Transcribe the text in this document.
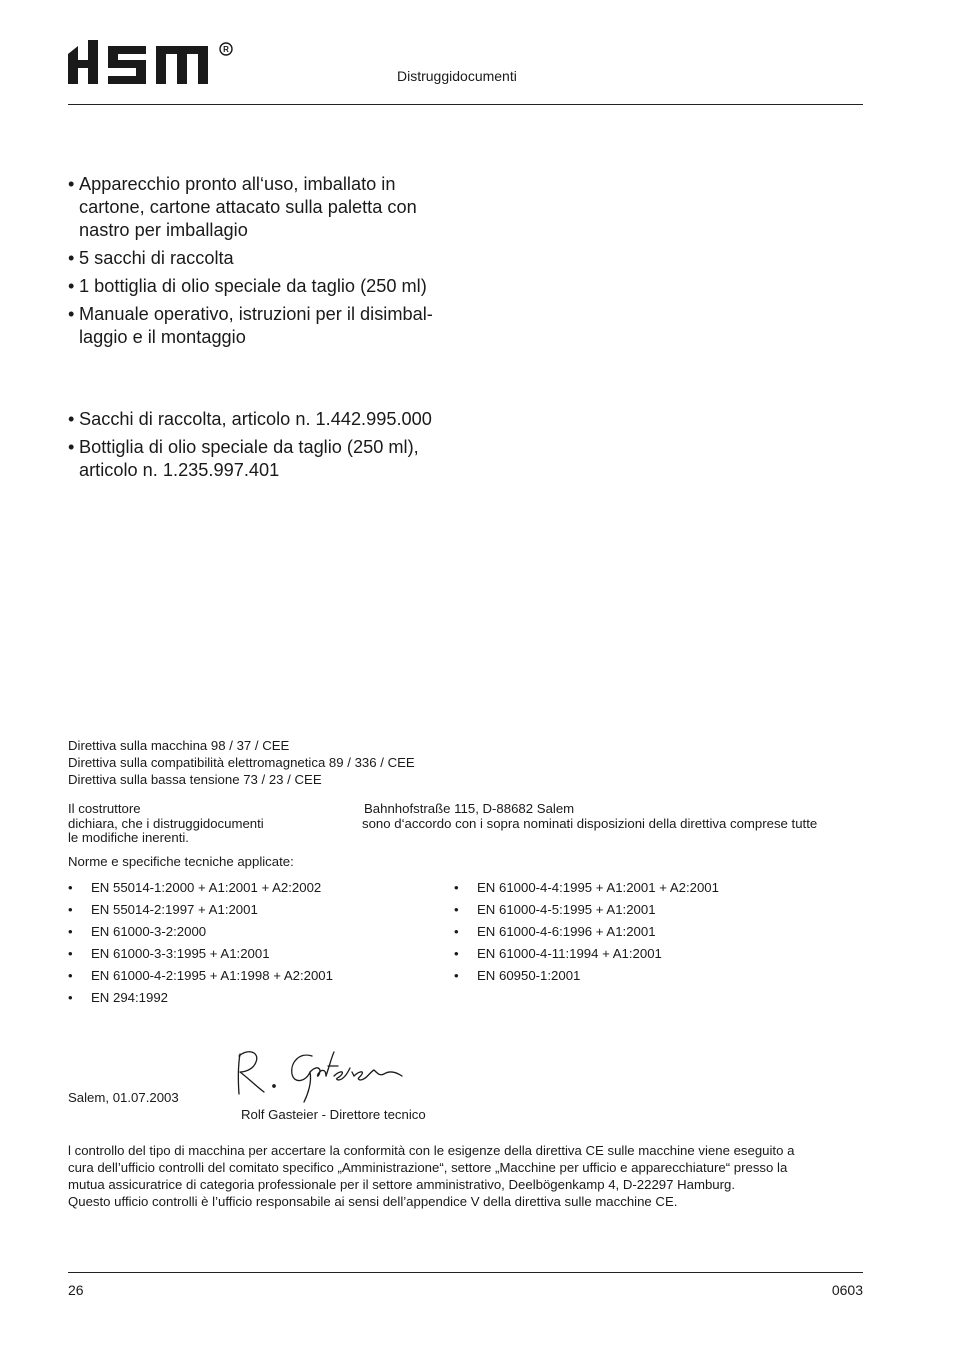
R
Distruggidocumenti
• Apparecchio pronto all‘uso, imballato in
cartone, cartone attacato sulla paletta con
nastro per imballagio
• 5 sacchi di raccolta
• 1 bottiglia di olio speciale da taglio (250 ml)
• Manuale operativo, istruzioni per il disimbal-
laggio e il montaggio
• Sacchi di raccolta, articolo n. 1.442.995.000
• Bottiglia di olio speciale da taglio (250 ml),
articolo n. 1.235.997.401
Direttiva sulla macchina 98 / 37 / CEE
Direttiva sulla compatibilità elettromagnetica 89 / 336 / CEE
Direttiva sulla bassa tensione 73 / 23 / CEE
Il costruttore	Bahnhofstraße 115, D-88682 Salem
dichiara, che i distruggidocumenti	sono d‘accordo con i sopra nominati disposizioni della direttiva comprese tutte
le modifiche inerenti.
Norme e specifiche tecniche applicate:
• EN 55014-1:2000 + A1:2001 + A2:2002
• EN 55014-2:1997 + A1:2001
• EN 61000-3-2:2000
• EN 61000-3-3:1995 + A1:2001
• EN 61000-4-2:1995 + A1:1998 + A2:2001
• EN 294:1992
• EN 61000-4-4:1995 + A1:2001 + A2:2001
• EN 61000-4-5:1995 + A1:2001
• EN 61000-4-6:1996 + A1:2001
• EN 61000-4-11:1994 + A1:2001
• EN 60950-1:2001
Salem, 01.07.2003
Rolf Gasteier - Direttore tecnico
l controllo del tipo di macchina per accertare la conformità con le esigenze della direttiva CE sulle macchine viene eseguito a
cura dell’ufficio controlli del comitato specifico „Amministrazione“, settore „Macchine per ufficio e apparecchiature“ presso la
mutua assicuratrice di categoria professionale per il settore amministrativo, Deelbögenkamp 4, D-22297 Hamburg.
Questo ufficio controlli è l’ufficio responsabile ai sensi dell’appendice V della direttiva sulle macchine CE.
26	0603
